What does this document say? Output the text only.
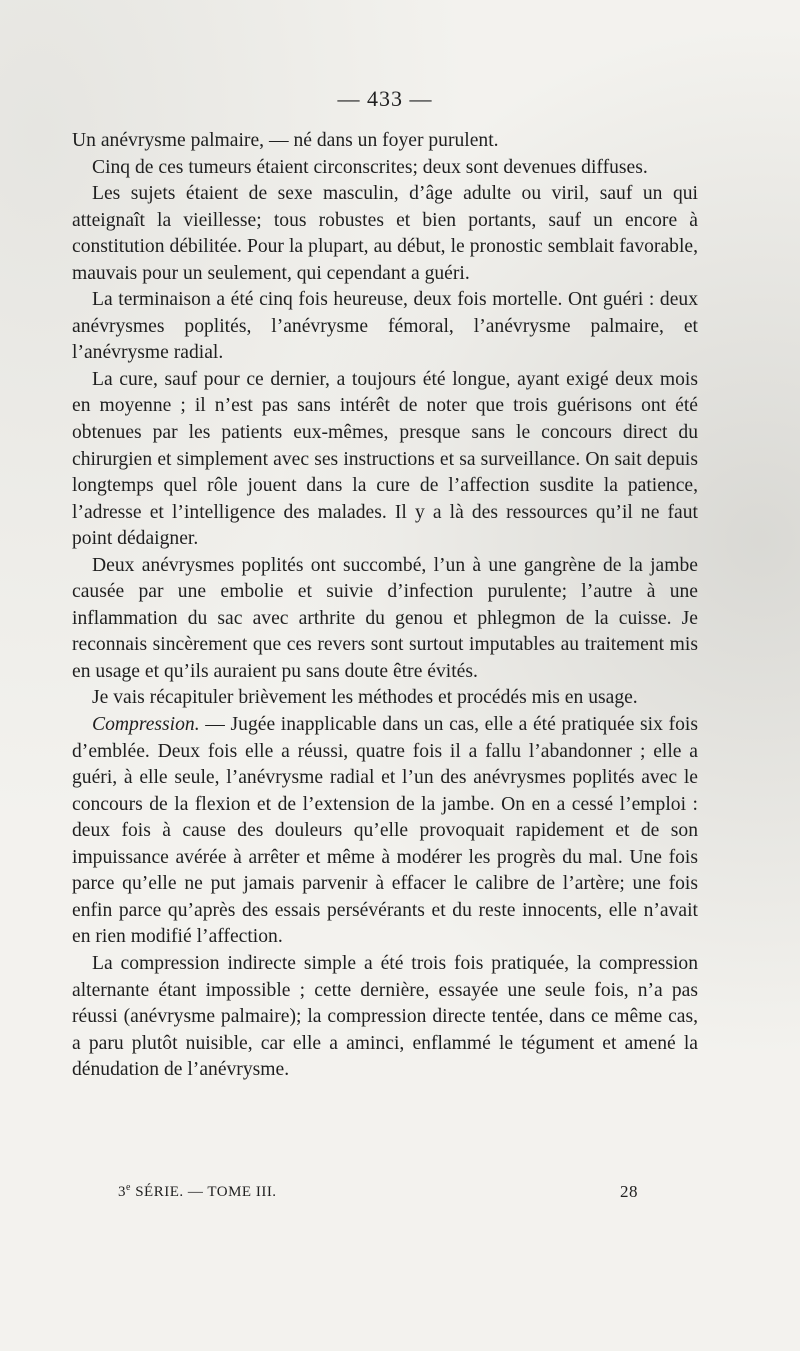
— 433 —

Un anévrysme palmaire, — né dans un foyer purulent.

Cinq de ces tumeurs étaient circonscrites; deux sont devenues diffuses.

Les sujets étaient de sexe masculin, d’âge adulte ou viril, sauf un qui atteignaît la vieillesse; tous robustes et bien portants, sauf un encore à constitution débilitée. Pour la plupart, au début, le pronostic semblait favorable, mauvais pour un seulement, qui cependant a guéri.

La terminaison a été cinq fois heureuse, deux fois mortelle. Ont guéri : deux anévrysmes poplités, l’anévrysme fémoral, l’anévrysme palmaire, et l’anévrysme radial.

La cure, sauf pour ce dernier, a toujours été longue, ayant exigé deux mois en moyenne ; il n’est pas sans intérêt de noter que trois guérisons ont été obtenues par les patients eux-mêmes, presque sans le concours direct du chirurgien et simplement avec ses instructions et sa surveillance. On sait depuis longtemps quel rôle jouent dans la cure de l’affection susdite la patience, l’adresse et l’intelligence des malades. Il y a là des ressources qu’il ne faut point dédaigner.

Deux anévrysmes poplités ont succombé, l’un à une gangrène de la jambe causée par une embolie et suivie d’infection purulente; l’autre à une inflammation du sac avec arthrite du genou et phlegmon de la cuisse. Je reconnais sincèrement que ces revers sont surtout imputables au traitement mis en usage et qu’ils auraient pu sans doute être évités.

Je vais récapituler brièvement les méthodes et procédés mis en usage.

Compression. — Jugée inapplicable dans un cas, elle a été pratiquée six fois d’emblée. Deux fois elle a réussi, quatre fois il a fallu l’abandonner ; elle a guéri, à elle seule, l’anévrysme radial et l’un des anévrysmes poplités avec le concours de la flexion et de l’extension de la jambe. On en a cessé l’emploi : deux fois à cause des douleurs qu’elle provoquait rapidement et de son impuissance avérée à arrêter et même à modérer les progrès du mal. Une fois parce qu’elle ne put jamais parvenir à effacer le calibre de l’artère; une fois enfin parce qu’après des essais persévérants et du reste innocents, elle n’avait en rien modifié l’affection.

La compression indirecte simple a été trois fois pratiquée, la compression alternante étant impossible ; cette dernière, essayée une seule fois, n’a pas réussi (anévrysme palmaire); la compression directe tentée, dans ce même cas, a paru plutôt nuisible, car elle a aminci, enflammé le tégument et amené la dénudation de l’anévrysme.

3e SÉRIE. — TOME III.	28
